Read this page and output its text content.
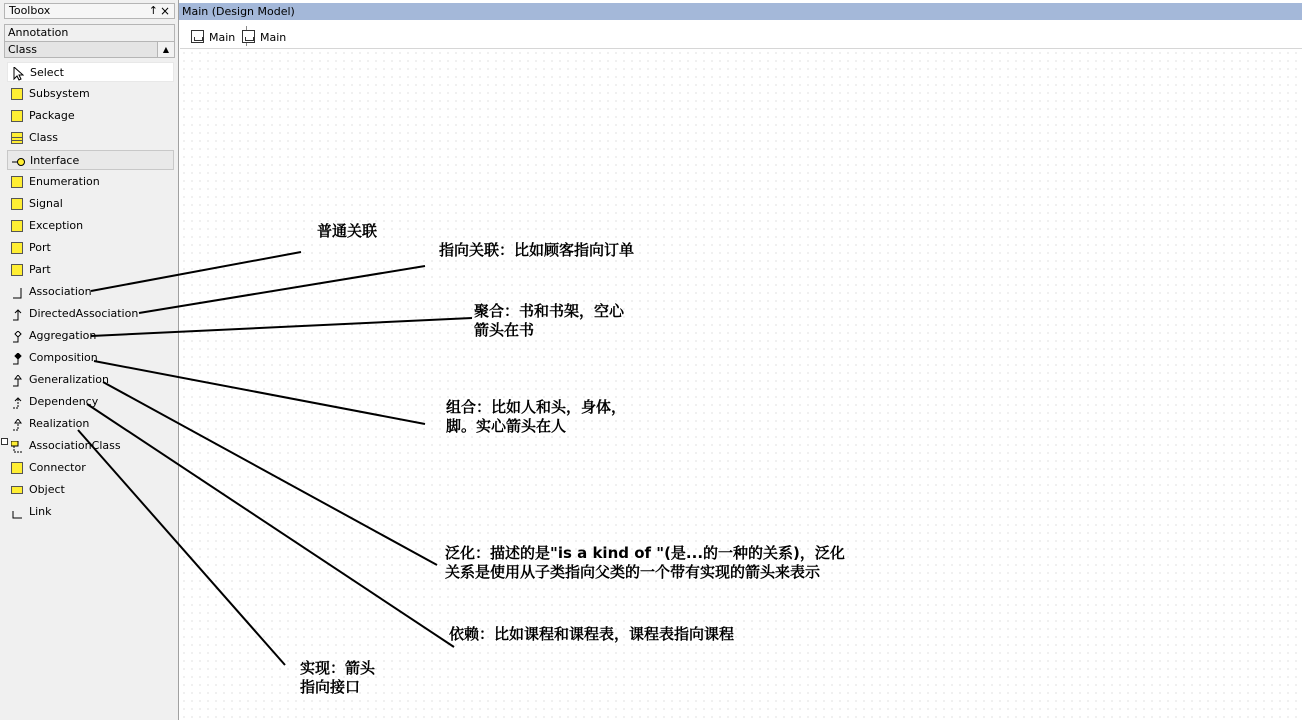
Toolbox	↑ ×
Annotation
Class	▲
Select
Subsystem
Package
Class
Interface
Enumeration
Signal
Exception
Port
Part
Association
DirectedAssociation
Aggregation
Composition
Generalization
Dependency
Realization
AssociationClass
Connector
Object
Link
Main (Design Model)
Main Main
普通关联
指向关联：比如顾客指向订单
聚合：书和书架，空心
箭头在书
组合：比如人和头，身体，
脚。实心箭头在人
泛化：描述的是"is a kind of "(是...的一种的关系)，泛化
关系是使用从子类指向父类的一个带有实现的箭头来表示
依赖：比如课程和课程表，课程表指向课程
实现：箭头
指向接口
